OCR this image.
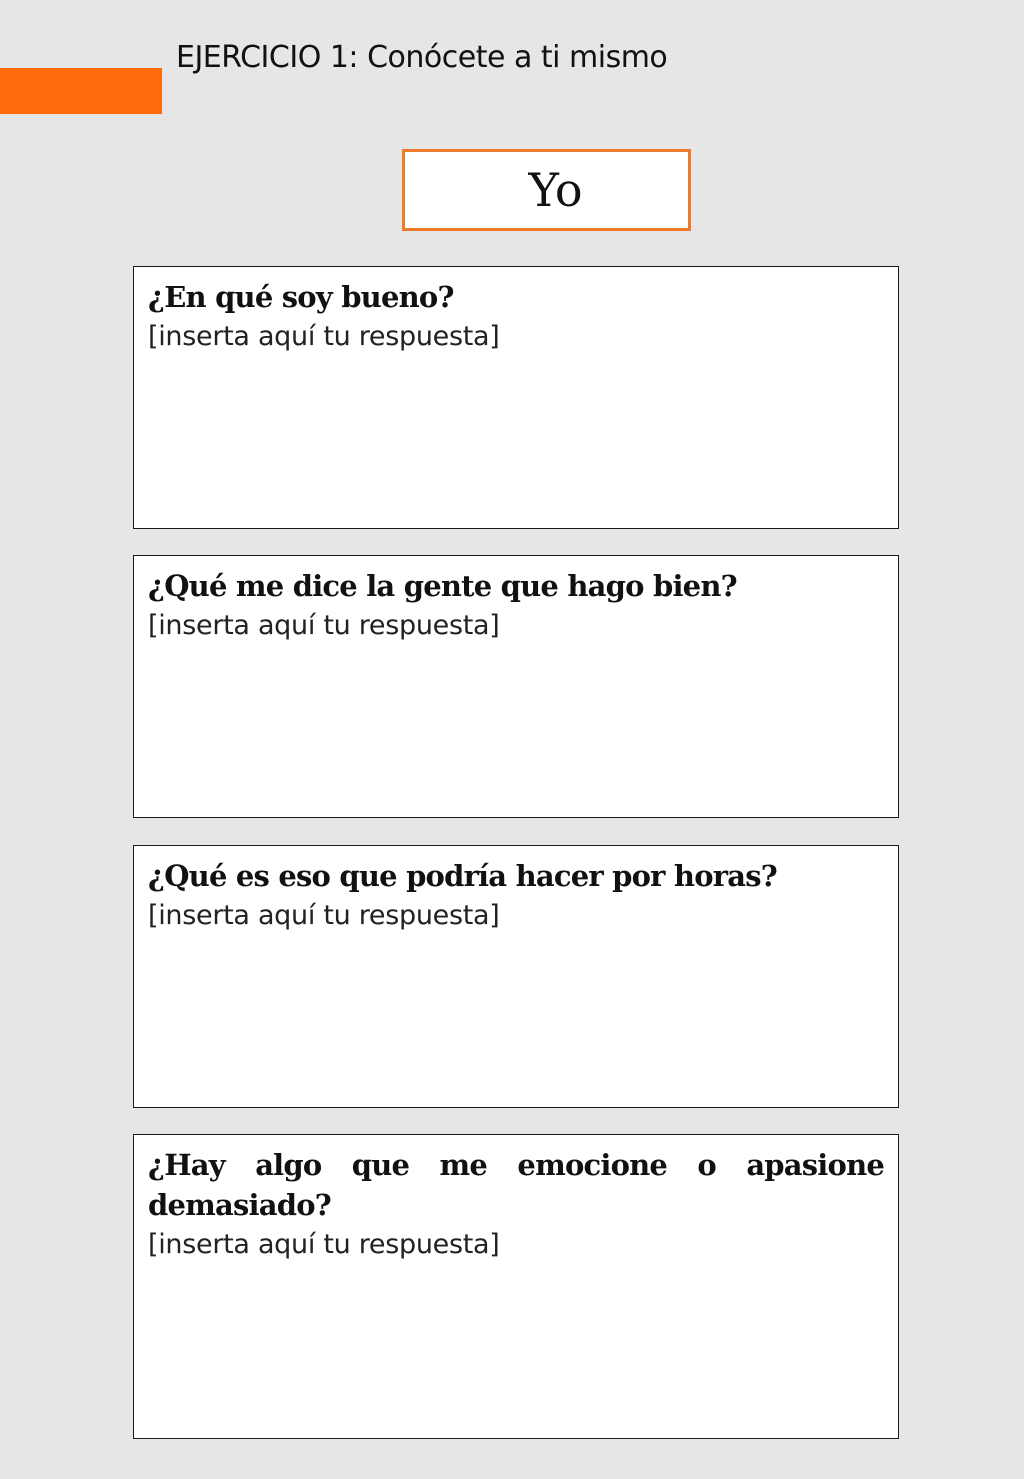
EJERCICIO 1: Conócete a ti mismo
Yo
¿En qué soy bueno?
[inserta aquí tu respuesta]
¿Qué me dice la gente que hago bien?
[inserta aquí tu respuesta]
¿Qué es eso que podría hacer por horas?
[inserta aquí tu respuesta]
¿Hay algo que me emocione o apasione demasiado?
[inserta aquí tu respuesta]
